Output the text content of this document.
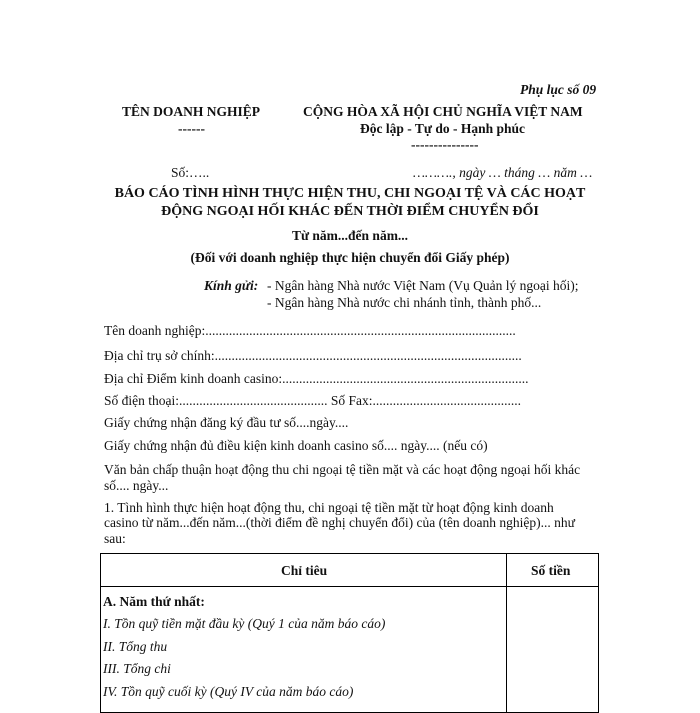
Phụ lục số 09
TÊN DOANH NGHIỆP
------
CỘNG HÒA XÃ HỘI CHỦ NGHĨA VIỆT NAM
Độc lập - Tự do - Hạnh phúc
---------------
Số:…..	………., ngày … tháng … năm …
BÁO CÁO TÌNH HÌNH THỰC HIỆN THU, CHI NGOẠI TỆ VÀ CÁC HOẠT
ĐỘNG NGOẠI HỐI KHÁC ĐẾN THỜI ĐIỂM CHUYỂN ĐỔI
Từ năm...đến năm...
(Đối với doanh nghiệp thực hiện chuyển đổi Giấy phép)
Kính gửi: - Ngân hàng Nhà nước Việt Nam (Vụ Quản lý ngoại hối);
- Ngân hàng Nhà nước chi nhánh tỉnh, thành phố...
Tên doanh nghiệp:............................................................................................
Địa chỉ trụ sở chính:...........................................................................................
Địa chỉ Điểm kinh doanh casino:.........................................................................
Số điện thoại:............................................ Số Fax:............................................
Giấy chứng nhận đăng ký đầu tư số....ngày....
Giấy chứng nhận đủ điều kiện kinh doanh casino số.... ngày.... (nếu có)
Văn bản chấp thuận hoạt động thu chi ngoại tệ tiền mặt và các hoạt động ngoại hối khác
số.... ngày...
1. Tình hình thực hiện hoạt động thu, chi ngoại tệ tiền mặt từ hoạt động kinh doanh
casino từ năm...đến năm...(thời điểm đề nghị chuyển đổi) của (tên doanh nghiệp)... như
sau:
Chỉ tiêu	Số tiền
A. Năm thứ nhất:
I. Tồn quỹ tiền mặt đầu kỳ (Quý 1 của năm báo cáo)
II. Tổng thu
III. Tổng chi
IV. Tồn quỹ cuối kỳ (Quý IV của năm báo cáo)
